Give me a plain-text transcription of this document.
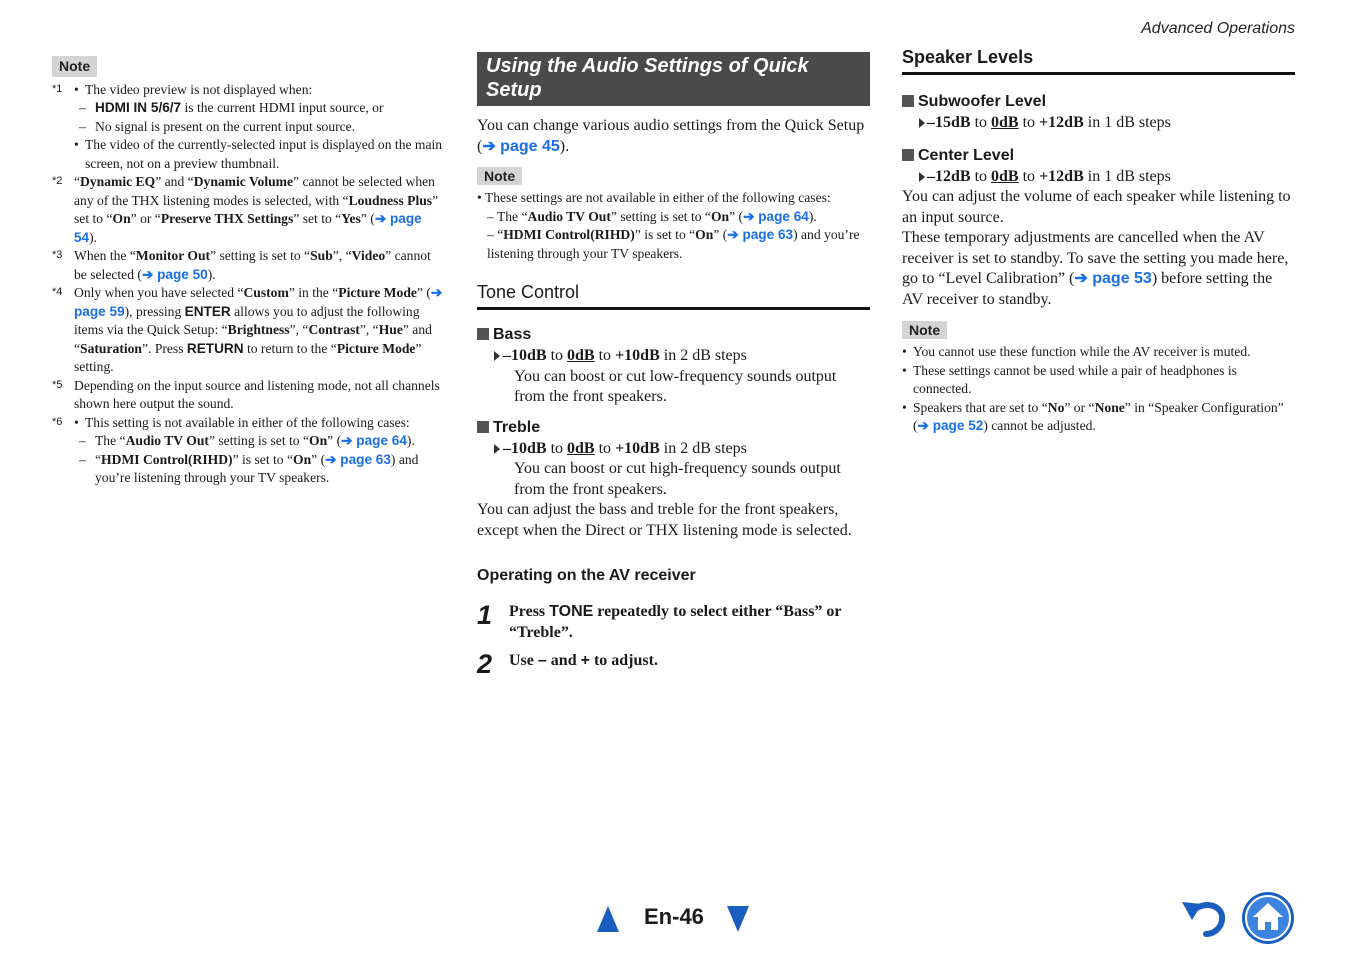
Advanced Operations
Note
*1 • The video preview is not displayed when:
– HDMI IN 5/6/7 is the current HDMI input source, or
– No signal is present on the current input source.
• The video of the currently-selected input is displayed on the main screen, not on a preview thumbnail.
*2 “Dynamic EQ” and “Dynamic Volume” cannot be selected when any of the THX listening modes is selected, with “Loudness Plus” set to “On” or “Preserve THX Settings” set to “Yes” (➔ page 54).
*3 When the “Monitor Out” setting is set to “Sub”, “Video” cannot be selected (➔ page 50).
*4 Only when you have selected “Custom” in the “Picture Mode” (➔ page 59), pressing ENTER allows you to adjust the following items via the Quick Setup: “Brightness”, “Contrast”, “Hue” and “Saturation”. Press RETURN to return to the “Picture Mode” setting.
*5 Depending on the input source and listening mode, not all channels shown here output the sound.
*6 • This setting is not available in either of the following cases:
– The “Audio TV Out” setting is set to “On” (➔ page 64).
– “HDMI Control(RIHD)” is set to “On” (➔ page 63) and you’re listening through your TV speakers.
Using the Audio Settings of Quick Setup
You can change various audio settings from the Quick Setup (➔ page 45).
Note
• These settings are not available in either of the following cases:
– The “Audio TV Out” setting is set to “On” (➔ page 64).
– “HDMI Control(RIHD)” is set to “On” (➔ page 63) and you’re listening through your TV speakers.
Tone Control
Bass
–10dB to 0dB to +10dB in 2 dB steps
You can boost or cut low-frequency sounds output from the front speakers.
Treble
–10dB to 0dB to +10dB in 2 dB steps
You can boost or cut high-frequency sounds output from the front speakers.
You can adjust the bass and treble for the front speakers, except when the Direct or THX listening mode is selected.
Operating on the AV receiver
1	Press TONE repeatedly to select either “Bass” or “Treble”.
2	Use – and + to adjust.
Speaker Levels
Subwoofer Level
–15dB to 0dB to +12dB in 1 dB steps
Center Level
–12dB to 0dB to +12dB in 1 dB steps
You can adjust the volume of each speaker while listening to an input source.
These temporary adjustments are cancelled when the AV receiver is set to standby. To save the setting you made here, go to “Level Calibration” (➔ page 53) before setting the AV receiver to standby.
Note
• You cannot use these function while the AV receiver is muted.
• These settings cannot be used while a pair of headphones is connected.
• Speakers that are set to “No” or “None” in “Speaker Configuration” (➔ page 52) cannot be adjusted.
En-46
